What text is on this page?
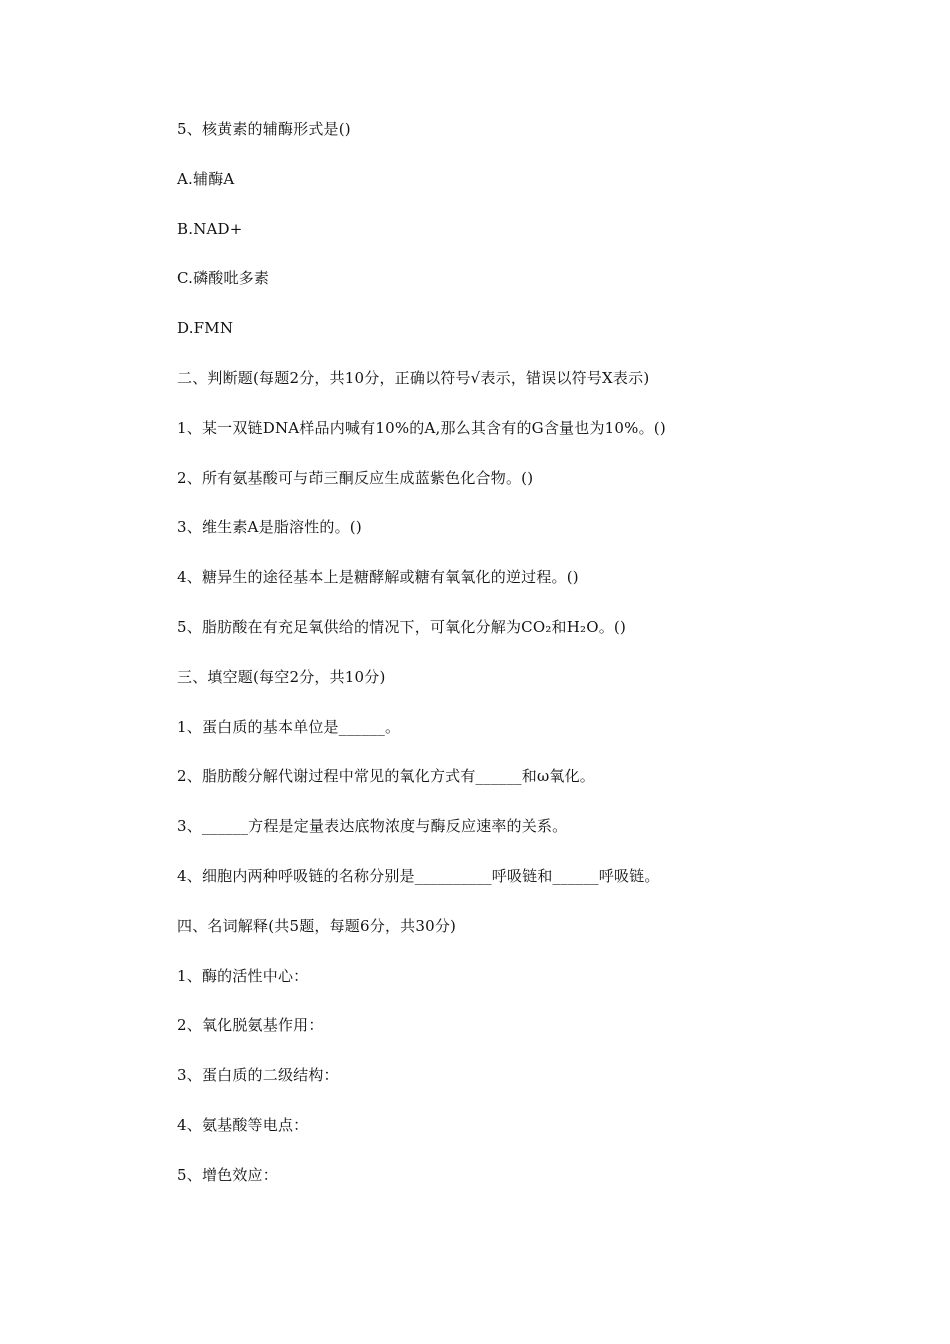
5、核黄素的辅酶形式是()
A.辅酶A
B.NAD+
C.磷酸吡多素
D.FMN
二、判断题(每题2分，共10分，正确以符号√表示，错误以符号X表示)
1、某一双链DNA样品内喊有10%的A,那么其含有的G含量也为10%。()
2、所有氨基酸可与茚三酮反应生成蓝紫色化合物。()
3、维生素A是脂溶性的。()
4、糖异生的途径基本上是糖酵解或糖有氧氧化的逆过程。()
5、脂肪酸在有充足氧供给的情况下，可氧化分解为CO₂和H₂O。()
三、填空题(每空2分，共10分)
1、蛋白质的基本单位是______。
2、脂肪酸分解代谢过程中常见的氧化方式有______和ω氧化。
3、______方程是定量表达底物浓度与酶反应速率的关系。
4、细胞内两种呼吸链的名称分别是__________呼吸链和______呼吸链。
四、名词解释(共5题，每题6分，共30分)
1、酶的活性中心：
2、氧化脱氨基作用：
3、蛋白质的二级结构：
4、氨基酸等电点：
5、增色效应：
